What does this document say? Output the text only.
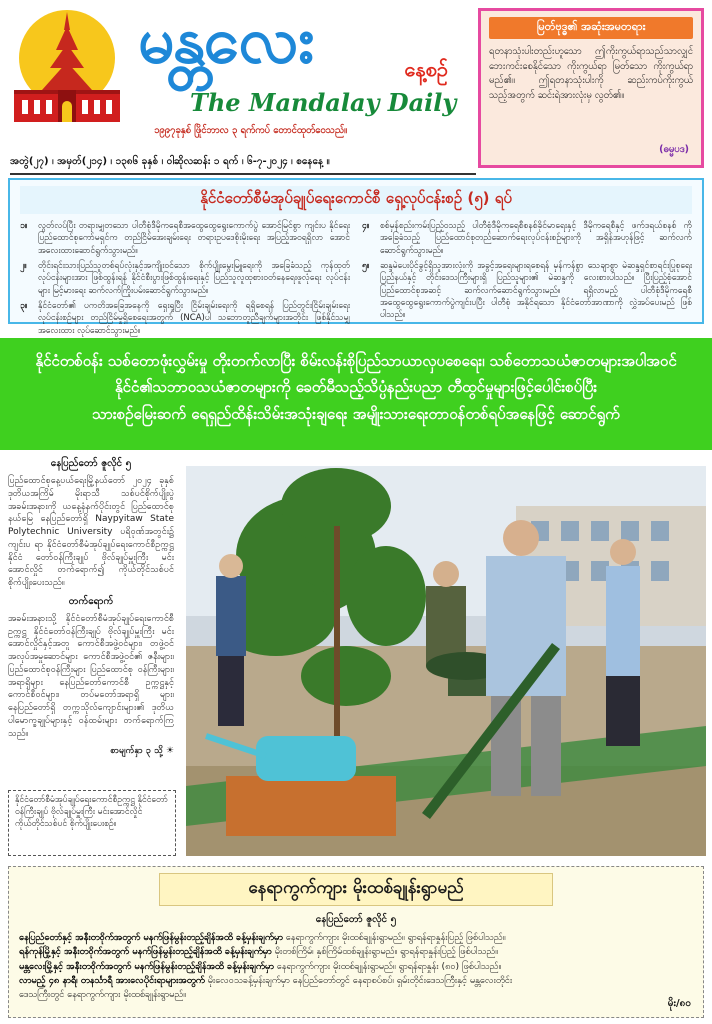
မန္တလေး	နေ့စဉ်
The Mandalay Daily
၁၉၉၇ခုနှစ် ဖြိုင်ဘာလ ၃ ရက်ကပ် တောင်ထုတ်ဝေသည်။
မြတ်ဗုဒ္ဓ၏ အဆုံးအမတရား
ရတနာသုံးပါးတည်းဟူသော ဤကိုးကွယ်ရာသည်သာလျှင် ဘေးကင်းစေနိုင်သော ကိုးကွယ်ရာ မြတ်သော ကိုးကွယ်ရာမည်၏။ ဤရတနာသုံးပါးကို ဆည်းကပ်ကိုးကွယ်သည့်အတွက် ဆင်းရဲအားလုံးမှ လွတ်၏။
(ဓမ္မပဒ)
အတွဲ(၂၇) ၊ အမှတ်(၂၁၄) ၊ ၁၃၈၆ ခုနှစ် ၊ ဝါဆိုလဆန်း ၁ ရက် ၊ ၆-၇-၂၀၂၄ ၊ စနေနေ့ ။
နိုင်ငံတော်စီမံအုပ်ချုပ်ရေးကောင်စီ ရှေ့လုပ်ငန်းစဉ် (၅) ရပ်
၁။	လွတ်လပ်ပြီး တရားမျှတသော ပါတီစုံဒီမိုကရေစီအထွေထွေရွေးကောက်ပွဲ အောင်မြင်စွာ ကျင်းပ နိုင်ရေး ပြည်ထောင်စုကော်မရှင်က တည်ငြိမ်အေးချမ်းရေး တရားဥပဒေစိုးမိုးရေး အပြည့်အဝရရှိလာ အောင် အလေးထားဆောင်ရွက်သွားမည်။
၂။	တိုင်းရင်းသားပြည်သူတစ်ရပ်လုံးနှင့်အကျိုးဝင်သော စိုက်ပျိုးမွေးမြူရေးကို အခြေခံသည့် ကုန်ထုတ် လုပ်ငန်းများအား ဖြစ်ထွန်းရန် နိုင်ငံစီးပွားဖြစ်ထွန်းရေးနှင့် ပြည်သူလူထုစားဝတ်နေရေးဖူလုံရေး လုပ်ငန်းများ မြင့်မားရေး ဆက်လက်ကြိုးပမ်းဆောင်ရွက်သွားမည်။
၃။	နိုင်ငံတော်၏ ပကတိအခြေအနေကို ရှေးရှုပြီး ငြိမ်းချမ်းရေးကို ရရှိစေရန် ပြည်တွင်းငြိမ်းချမ်းရေး လုပ်ငန်းစဉ်များ တည်ငြိမ်မှုရှိစေရေးအတွက် (NCA)ပါ သဘောတူညီချက်များအတိုင်း ဖြစ်နိုင်သမျှ အလေးထား လုပ်ဆောင်သွားမည်။
၄။	စစ်မှန်စည်းကမ်းပြည့်ဝသည့် ပါတီစုံဒီမိုကရေစီစနစ်ခိုင်မာရေးနှင့် ဒီမိုကရေစီနှင့် ဖက်ဒရယ်စနစ် ကို အခြေခံသည့် ပြည်ထောင်စုတည်ဆောက်ရေးလုပ်ငန်းစဉ်များကို အရှိန်အဟုန်ဖြင့် ဆက်လက် ဆောင်ရွက်သွားမည်။
၅။	ဆန္ဒမဲပေးပိုင်ခွင့်ရှိသူအားလုံးကို အခွင့်အရေးများရစေရန် မှန်ကန်စွာ သေချာစွာ မဲဆန္ဒရှင်စာရင်းပြုစုရေး ပြည်နယ်နှင့် တိုင်းဒေသကြီးများရှိ ပြည်သူများ၏ မဲဆန္ဒကို လေးစားပါသည်။ ပြီးပြည့်စုံအောင် ပြည်ထောင်စုအဆင့် ဆက်လက်ဆောင်ရွက်သွားမည်။ ရရှိလာမည့် ပါတီစုံဒီမိုကရေစီ အထွေထွေရွေးကောက်ပွဲကျင်းပပြီး ပါတီစုံ အနိုင်ရသော နိုင်ငံတော်အာဏာကို လွှဲအပ်ပေးမည် ဖြစ်ပါသည်။
နိုင်ငံတစ်ဝန်း သစ်တောဖုံးလွှမ်းမှု တိုးတက်လာပြီး စိမ်းလန်းစိုပြည်သာယာလှပစေရေး၊ သစ်တောသယံဇာတများအပါအဝင်
နိုင်ငံ၏သဘာဝသယံဇာတများကို ခေတ်မီသည့်သိပ္ပံနည်းပညာ တီထွင်မှုများဖြင့်ပေါင်းစပ်ပြီး
သားစဉ်မြေးဆက် ရေရှည်ထိန်းသိမ်းအသုံးချရေး အမျိုးသားရေးတာဝန်တစ်ရပ်အနေဖြင့် ဆောင်ရွက်
နေပြည်တော် ဇူလိုင် ၅
ပြည်ထောင်စုနေ့ပယ်ရေးမြို့နယ်တော် ၂၀၂၄ ခုနှစ် ဒုတိယအကြိမ် မိုးရာသီ သစ်ပင်စိုက်ပျိုးပွဲ အခမ်းအနားကို ယနေ့နံနက်ပိုင်းတွင် ပြည်ထောင်စု နယ်မြေ နေပြည်တော်ရှိ Naypyitaw State Polytechnic University ပရိဝုဏ်အတွင်း၌ ကျင်းပ ရာ နိုင်ငံတော်စီမံအုပ်ချုပ်ရေးကောင်စီဥက္ကဋ္ဌ နိုင်ငံ တော်ဝန်ကြီးချုပ် ဗိုလ်ချုပ်မှူးကြီး မင်းအောင်လှိုင် တက်ရောက်၍ ကိုယ်တိုင်သစ်ပင် စိုက်ပျိုးပေးသည်။
တက်ရောက်
အခမ်းအနားသို့ နိုင်ငံတော်စီမံအုပ်ချုပ်ရေးကောင်စီဥက္ကဋ္ဌ နိုင်ငံတော်ဝန်ကြီးချုပ် ဗိုလ်ချုပ်မှူးကြီး မင်းအောင်လှိုင်နှင့်အတူ ကောင်စီအဖွဲ့ဝင်များ၊ တဖွဲ့ဝင်အလုပ်အမှုဆောင်များ ကောင်စီအဖွဲ့ဝင်၏ ဇနီးများ၊ ပြည်ထောင်စုဝန်ကြီးများ ပြည်ထောင်စု ဝန်ကြီးများ၊ အရာရှိများ နေပြည်တော်ကောင်စီ ဥက္ကဋ္ဌနှင့် ကောင်စီဝင်များ၊ တပ်မတော်အရာရှိ များ၊ နေပြည်တော်ရှိ တက္ကသိုလ်ကျောင်းများ၏ ဒုတိယပါမောက္ခချုပ်များနှင့် ဝန်ထမ်းများ တက်ရောက်ကြသည်။
စာမျက်နှာ ၃ သို့ ☀
နိုင်ငံတော်စီမံအုပ်ချုပ်ရေးကောင်စီဥက္ကဋ္ဌ နိုင်ငံတော်ဝန်ကြီးချုပ် ဗိုလ်ချုပ်မှူးကြီး မင်းအောင်လှိုင် ကိုယ်တိုင်သစ်ပင် စိုက်ပျိုးပေးစဉ်။
နေရာကွက်ကျား မိုးထစ်ချုန်းရွာမည်
နေပြည်တော် ဇူလိုင် ၅
နေပြည်တော်နှင့် အနီးတဝိုက်အတွက် မနက်ဖြန်မွန်းတည့်ချိန်အထိ ခန့်မှန်းချက်မှာ နေရာကွက်ကျား မိုးထစ်ချုန်းရွာမည်။ ရွာရန်ရာနှုန်းပြည့် ဖြစ်ပါသည်။
ရန်ကုန်မြို့နှင့် အနီးတဝိုက်အတွက် မနက်ဖြန်မွန်းတည့်ချိန်အထိ ခန့်မှန်းချက်မှာ မိုးတစ်ကြိမ်၊ နှစ်ကြိမ်ထစ်ချုန်းရွာမည်။ ရွာရန်ရာနှုန်းပြည့် ဖြစ်ပါသည်။
မန္တလေးမြို့နှင့် အနီးတဝိုက်အတွက် မနက်ဖြန်မွန်းတည့်ချိန်အထိ ခန့်မှန်းချက်မှာ နေရာကွက်ကျား မိုးထစ်ချုန်းရွာမည်။ ရွာရန်ရာနှုန်း (၈၀) ဖြစ်ပါသည်။
လာမည့် ၄၈ နာရီ၊ တနင်္သာရီ အားလေပိုင်းရာများအတွက် မိုးလေဝသခန့်မှန်းချက်မှာ နေပြည်တော်တွင် နေရာစပ်စပ်၊ ရှမ်းတိုင်းဒေသကြီးနှင့် မန္တလေးတိုင်း
ဒေသကြီးတွင် နေရာကွက်ကျား မိုးထစ်ချုန်းရွာမည်။
မိုး/၈၀
